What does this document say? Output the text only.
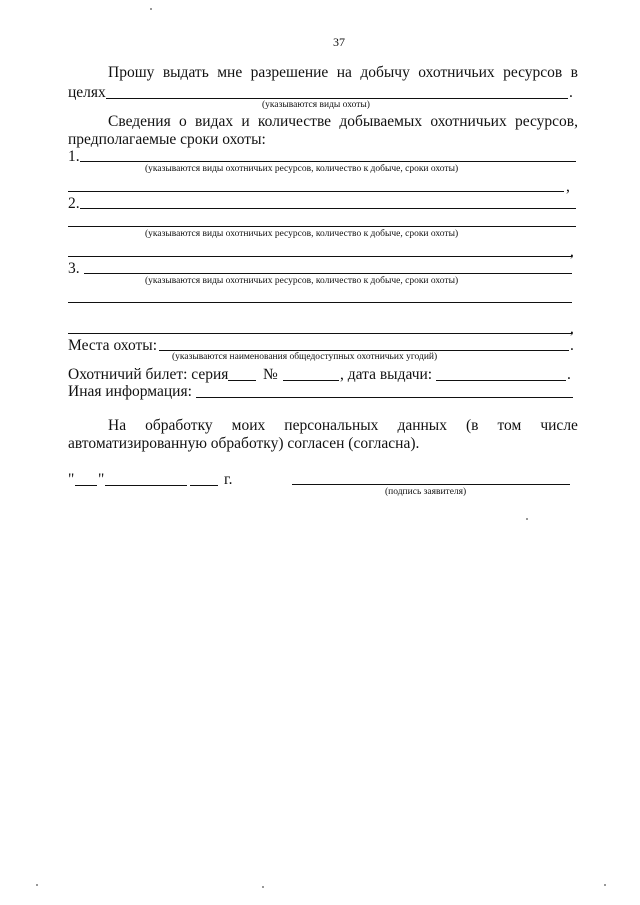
37
Прошу выдать мне разрешение на добычу охотничьих ресурсов в
целях	.
(указываются виды охоты)
Сведения о видах и количестве добываемых охотничьих ресурсов,
предполагаемые сроки охоты:
1.
(указываются виды охотничьих ресурсов, количество к добыче, сроки охоты)
,
2.
(указываются виды охотничьих ресурсов, количество к добыче, сроки охоты)
,
3.
(указываются виды охотничьих ресурсов, количество к добыче, сроки охоты)
,
Места охоты:	.
(указываются наименования общедоступных охотничьих угодий)
Охотничий билет: серия №	, дата выдачи:	.
Иная информация:
На обработку моих персональных данных (в том числе
автоматизированную обработку) согласен (согласна).
" "	г.
(подпись заявителя)
